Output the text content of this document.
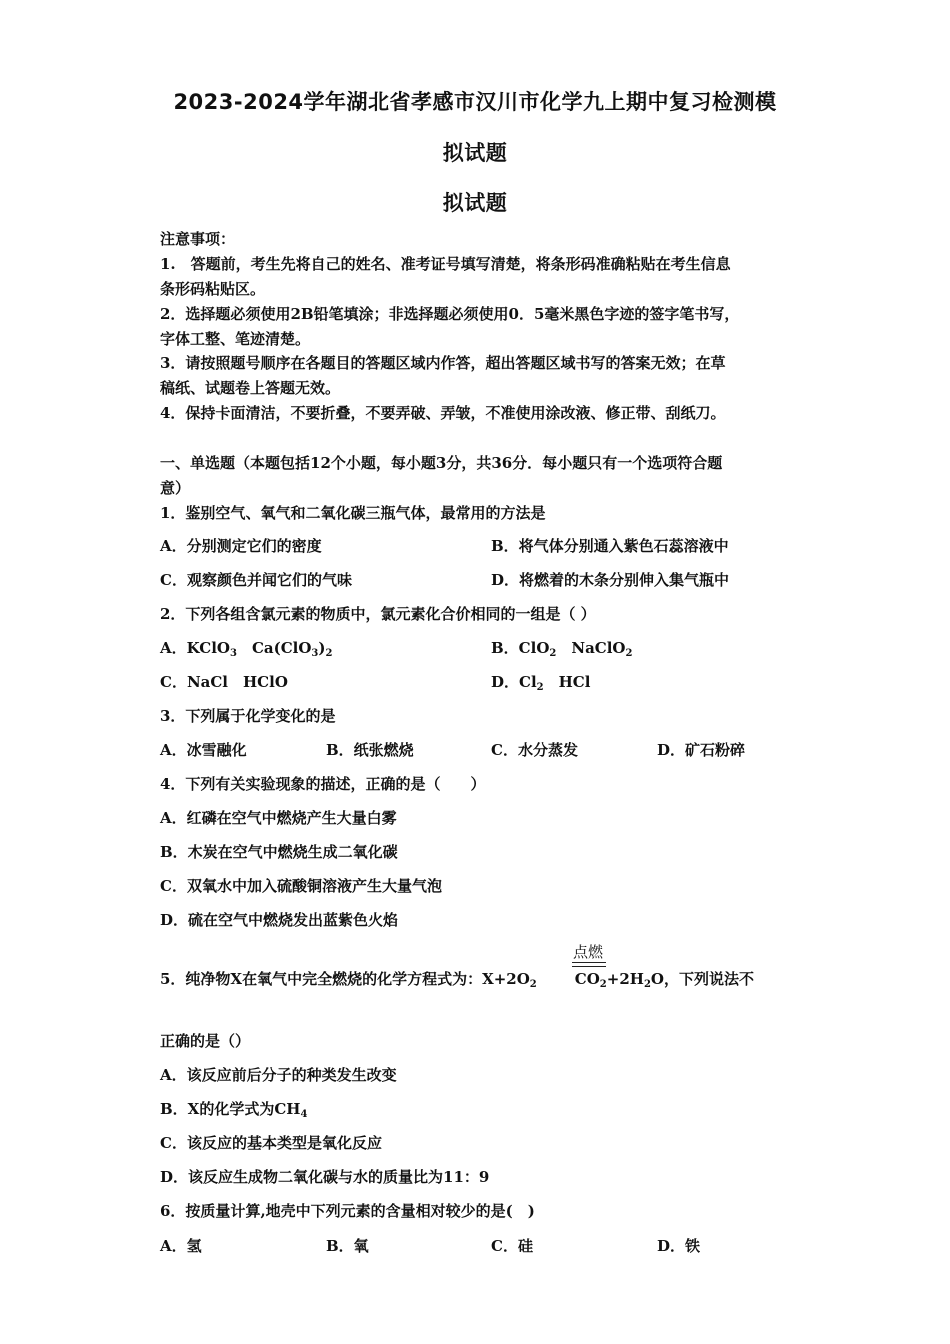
2023-2024学年湖北省孝感市汉川市化学九上期中复习检测模
拟试题
拟试题
注意事项：
1.　答题前，考生先将自己的姓名、准考证号填写清楚，将条形码准确粘贴在考生信息
条形码粘贴区。
2．选择题必须使用2B铅笔填涂；非选择题必须使用0．5毫米黑色字迹的签字笔书写，
字体工整、笔迹清楚。
3．请按照题号顺序在各题目的答题区域内作答，超出答题区域书写的答案无效；在草
稿纸、试题卷上答题无效。
4．保持卡面清洁，不要折叠，不要弄破、弄皱，不准使用涂改液、修正带、刮纸刀。
一、单选题（本题包括12个小题，每小题3分，共36分．每小题只有一个选项符合题
意）
1．鉴别空气、氧气和二氧化碳三瓶气体，最常用的方法是
A．分别测定它们的密度	B．将气体分别通入紫色石蕊溶液中
C．观察颜色并闻它们的气味	D．将燃着的木条分别伸入集气瓶中
2．下列各组含氯元素的物质中，氯元素化合价相同的一组是（ ）
A．KClO$_3$　$Ca(ClO_3)_2$	B．ClO$_2$　NaClO$_2$
C．NaCl　HClO	D．$Cl_2$　HCl
3．下列属于化学变化的是
A．冰雪融化	B．纸张燃烧	C．水分蒸发	D．矿石粉碎
4．下列有关实验现象的描述，正确的是（　　）
A．红磷在空气中燃烧产生大量白雾
B．木炭在空气中燃烧生成二氧化碳
C．双氧水中加入硫酸铜溶液产生大量气泡
D．硫在空气中燃烧发出蓝紫色火焰
点燃
5．纯净物X在氧气中完全燃烧的化学方程式为：$X+2O_2$	$CO_2+2H_2O$，下列说法不
正确的是（）
A．该反应前后分子的种类发生改变
B．X的化学式为$CH_4$
C．该反应的基本类型是氧化反应
D．该反应生成物二氧化碳与水的质量比为11：9
6．按质量计算,地壳中下列元素的含量相对较少的是(　)
A．氢	B．氧	C．硅	D．铁
